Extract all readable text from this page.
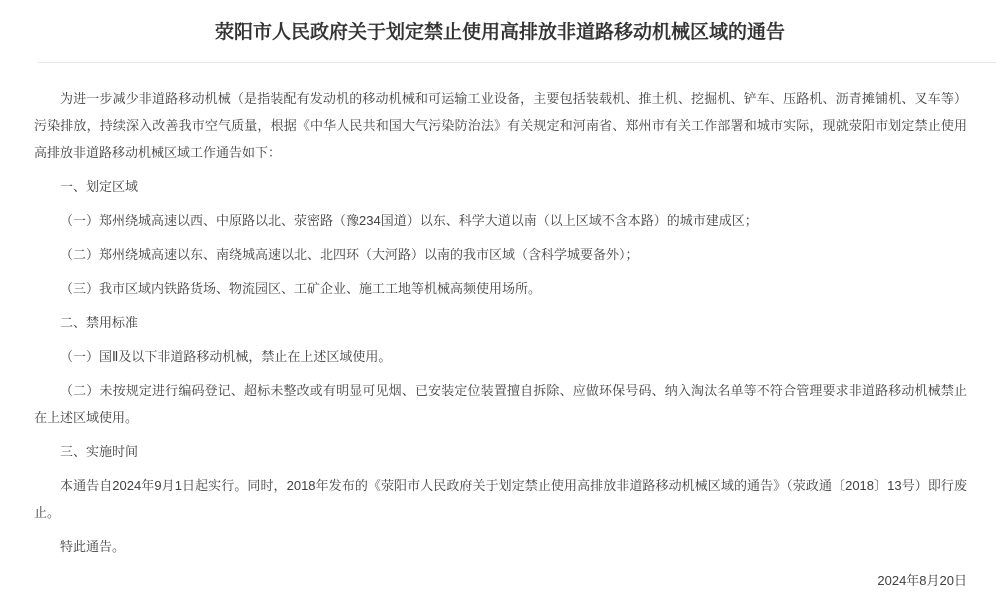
荥阳市人民政府关于划定禁止使用高排放非道路移动机械区域的通告

为进一步减少非道路移动机械（是指装配有发动机的移动机械和可运输工业设备，主要包括装载机、推土机、挖掘机、铲车、压路机、沥青摊铺机、叉车等）污染排放，持续深入改善我市空气质量，根据《中华人民共和国大气污染防治法》有关规定和河南省、郑州市有关工作部署和城市实际，现就荥阳市划定禁止使用高排放非道路移动机械区域工作通告如下：

一、划定区域

（一）郑州绕城高速以西、中原路以北、荥密路（豫234国道）以东、科学大道以南（以上区域不含本路）的城市建成区；

（二）郑州绕城高速以东、南绕城高速以北、北四环（大河路）以南的我市区域（含科学城要备外）；

（三）我市区域内铁路货场、物流园区、工矿企业、施工工地等机械高频使用场所。

二、禁用标准

（一）国Ⅱ及以下非道路移动机械，禁止在上述区域使用。

（二）未按规定进行编码登记、超标未整改或有明显可见烟、已安装定位装置擅自拆除、应做环保号码、纳入淘汰名单等不符合管理要求非道路移动机械禁止在上述区域使用。

三、实施时间

本通告自2024年9月1日起实行。同时，2018年发布的《荥阳市人民政府关于划定禁止使用高排放非道路移动机械区域的通告》（荥政通〔2018〕13号）即行废止。

特此通告。

2024年8月20日
